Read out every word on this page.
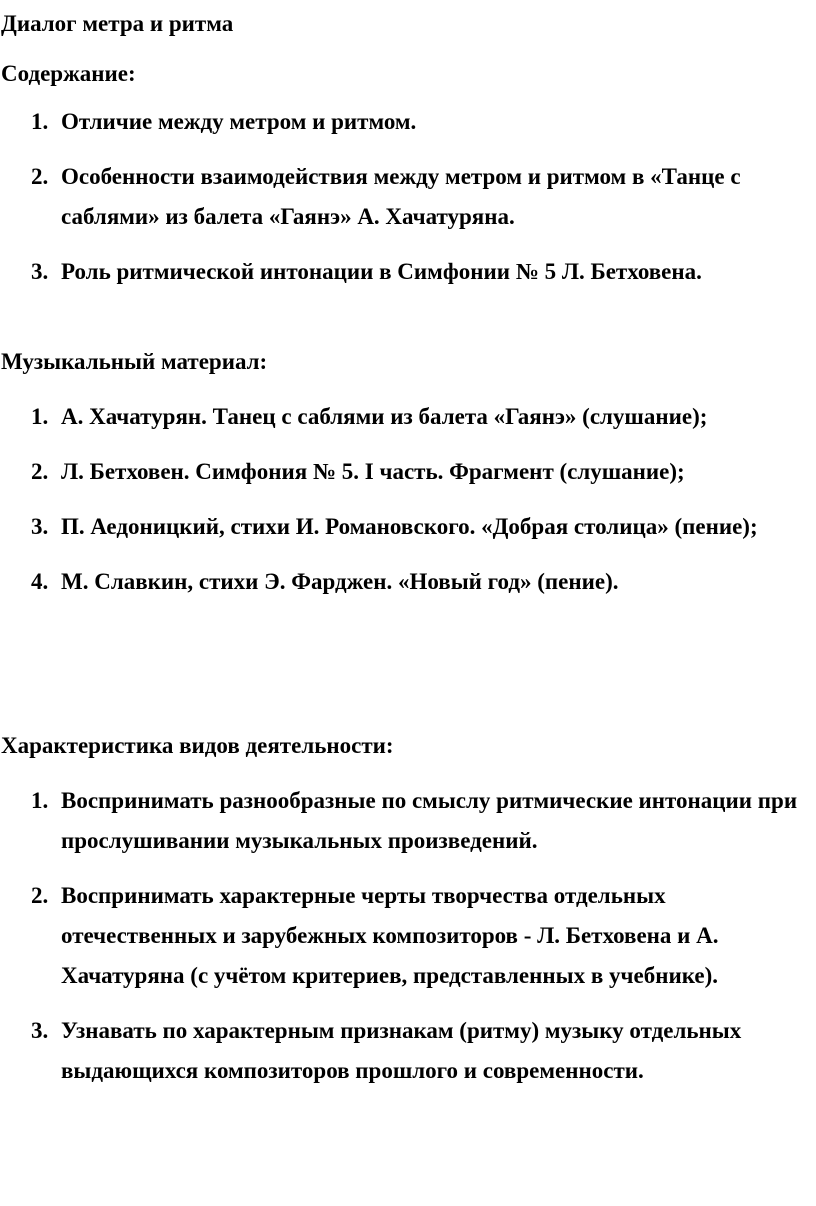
Диалог метра и ритма
Содержание:
1. Отличие между метром и ритмом.
2. Особенности взаимодействия между метром и ритмом в «Танце с саблями» из балета «Гаянэ» А. Хачатуряна.
3. Роль ритмической интонации в Симфонии № 5 Л. Бетховена.
Музыкальный материал:
1. А. Хачатурян. Танец с саблями из балета «Гаянэ» (слушание);
2. Л. Бетховен. Симфония № 5. I часть. Фрагмент (слушание);
3. П. Аедоницкий, стихи И. Романовского. «Добрая столица» (пение);
4. М. Славкин, стихи Э. Фарджен. «Новый год» (пение).
Характеристика видов деятельности:
1. Воспринимать разнообразные по смыслу ритмические интонации при прослушивании музыкальных произведений.
2. Воспринимать характерные черты творчества отдельных отечественных и зарубежных композиторов - Л. Бетховена и А. Хачатуряна (с учётом критериев, представленных в учебнике).
3. Узнавать по характерным признакам (ритму) музыку отдельных выдающихся композиторов прошлого и современности.
